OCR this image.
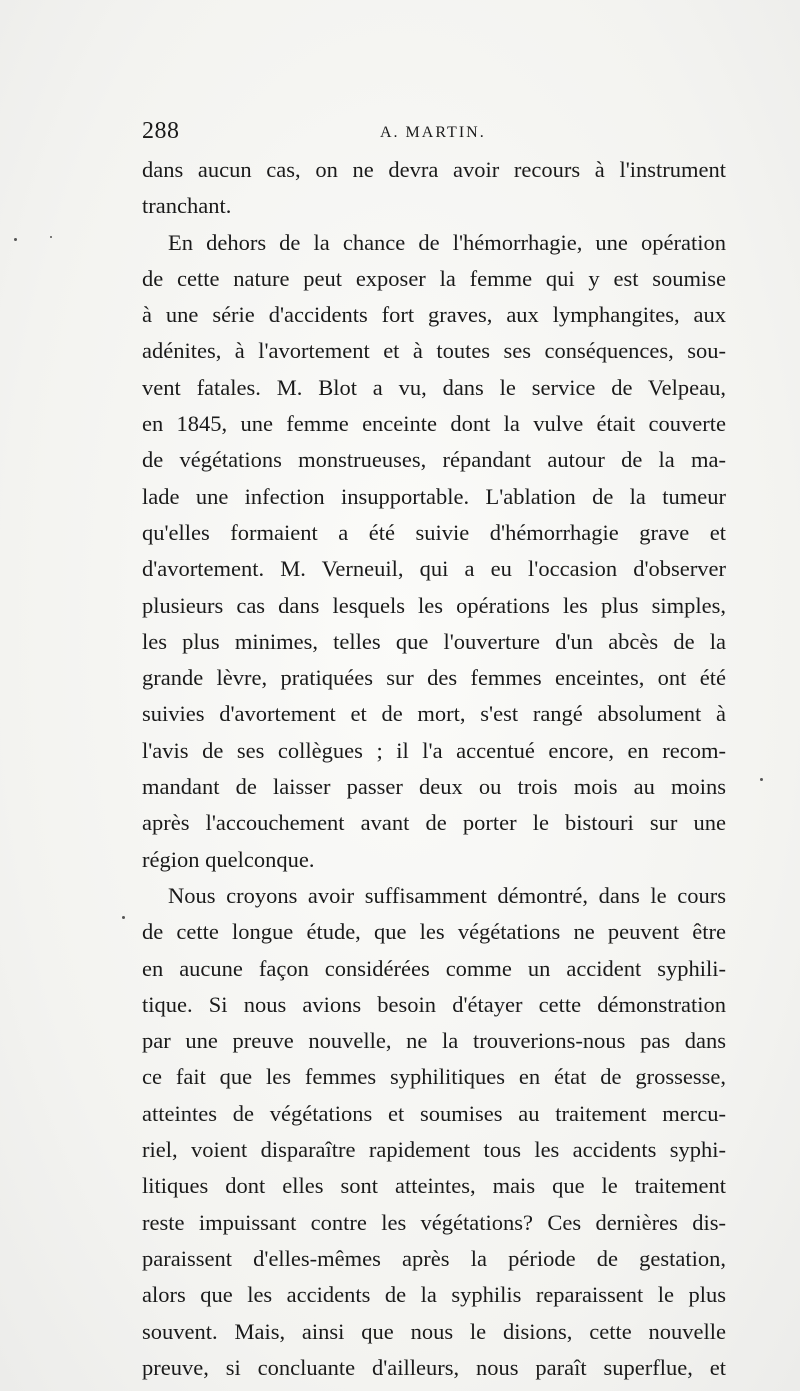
288	A. MARTIN.
dans aucun cas, on ne devra avoir recours à l'instrument
tranchant.
En dehors de la chance de l'hémorrhagie, une opération
de cette nature peut exposer la femme qui y est soumise
à une série d'accidents fort graves, aux lymphangites, aux
adénites, à l'avortement et à toutes ses conséquences, sou-
vent fatales. M. Blot a vu, dans le service de Velpeau,
en 1845, une femme enceinte dont la vulve était couverte
de végétations monstrueuses, répandant autour de la ma-
lade une infection insupportable. L'ablation de la tumeur
qu'elles formaient a été suivie d'hémorrhagie grave et
d'avortement. M. Verneuil, qui a eu l'occasion d'observer
plusieurs cas dans lesquels les opérations les plus simples,
les plus minimes, telles que l'ouverture d'un abcès de la
grande lèvre, pratiquées sur des femmes enceintes, ont été
suivies d'avortement et de mort, s'est rangé absolument à
l'avis de ses collègues ; il l'a accentué encore, en recom-
mandant de laisser passer deux ou trois mois au moins
après l'accouchement avant de porter le bistouri sur une
région quelconque.
Nous croyons avoir suffisamment démontré, dans le cours
de cette longue étude, que les végétations ne peuvent être
en aucune façon considérées comme un accident syphili-
tique. Si nous avions besoin d'étayer cette démonstration
par une preuve nouvelle, ne la trouverions-nous pas dans
ce fait que les femmes syphilitiques en état de grossesse,
atteintes de végétations et soumises au traitement mercu-
riel, voient disparaître rapidement tous les accidents syphi-
litiques dont elles sont atteintes, mais que le traitement
reste impuissant contre les végétations? Ces dernières dis-
paraissent d'elles-mêmes après la période de gestation,
alors que les accidents de la syphilis reparaissent le plus
souvent. Mais, ainsi que nous le disions, cette nouvelle
preuve, si concluante d'ailleurs, nous paraît superflue, et
